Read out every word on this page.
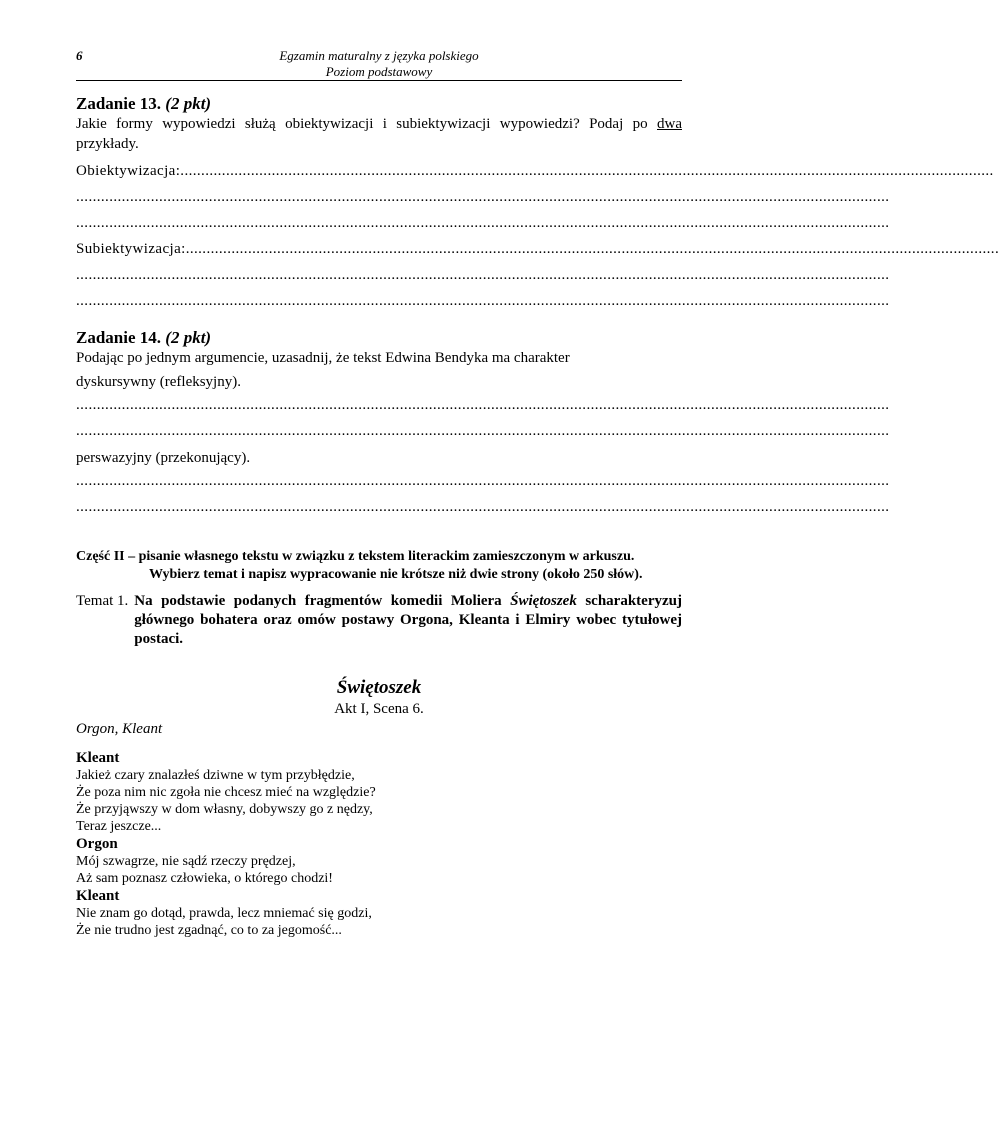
6	Egzamin maturalny z języka polskiego
Poziom podstawowy
Zadanie 13. (2 pkt)
Jakie formy wypowiedzi służą obiektywizacji i subiektywizacji wypowiedzi? Podaj po dwa przykłady.
Obiektywizacja:....................................................................................................................................................................................................
....................................................................................................................................................................................................
....................................................................................................................................................................................................
Subiektywizacja:....................................................................................................................................................................................................
....................................................................................................................................................................................................
....................................................................................................................................................................................................
Zadanie 14. (2 pkt)
Podając po jednym argumencie, uzasadnij, że tekst Edwina Bendyka ma charakter
dyskursywny (refleksyjny).
....................................................................................................................................................................................................
....................................................................................................................................................................................................
perswazyjny (przekonujący).
....................................................................................................................................................................................................
....................................................................................................................................................................................................
Część II – pisanie własnego tekstu w związku z tekstem literackim zamieszczonym w arkuszu.
Wybierz temat i napisz wypracowanie nie krótsze niż dwie strony (około 250 słów).
Temat 1. Na podstawie podanych fragmentów komedii Moliera Świętoszek scharakteryzuj głównego bohatera oraz omów postawy Orgona, Kleanta i Elmiry wobec tytułowej postaci.
Świętoszek
Akt I, Scena 6.
Orgon, Kleant
Kleant
Jakież czary znalazłeś dziwne w tym przybłędzie,
Że poza nim nic zgoła nie chcesz mieć na względzie?
Że przyjąwszy w dom własny, dobywszy go z nędzy,
Teraz jeszcze...
Orgon
Mój szwagrze, nie sądź rzeczy prędzej,
Aż sam poznasz człowieka, o którego chodzi!
Kleant
Nie znam go dotąd, prawda, lecz mniemać się godzi,
Że nie trudno jest zgadnąć, co to za jegomość...
